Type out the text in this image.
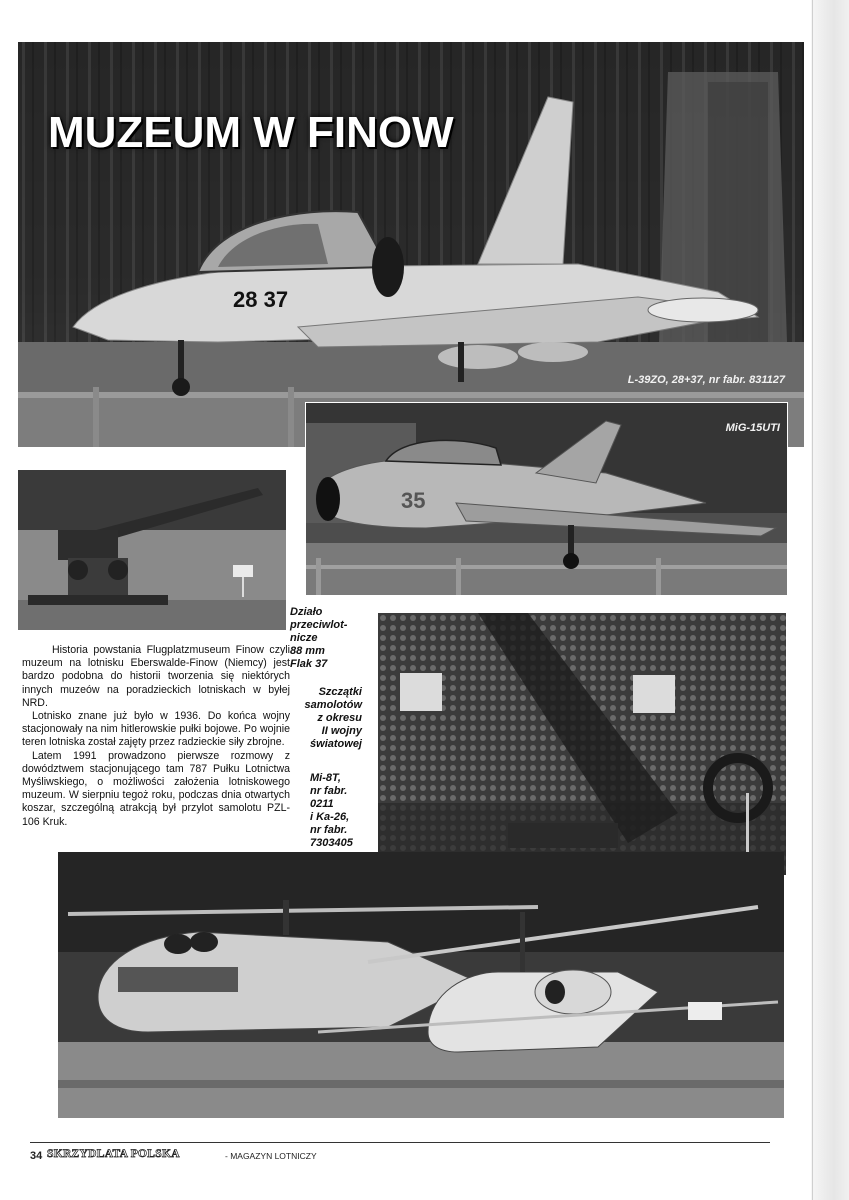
28 37
MUZEUM W FINOW
L-39ZO, 28+37, nr fabr. 831127
35
MiG-15UTI
Działo
przeciwlot-
nicze
88 mm
Flak 37
Szczątki
samolotów
z okresu
II wojny
światowej
Mi-8T,
nr fabr.
0211
i Ka-26,
nr fabr.
7303405

Historia powstania Flugplatzmuseum Finow czyli muzeum na lotnisku Eberswalde-Finow (Niemcy) jest bardzo podobna do historii tworzenia się niektórych innych muzeów na poradzieckich lotniskach w byłej NRD.

Lotnisko znane już było w 1936. Do końca wojny stacjonowały na nim hitlerowskie pułki bojowe. Po wojnie teren lotniska został zajęty przez radzieckie siły zbrojne.

Latem 1991 prowadzono pierwsze rozmowy z dowództwem stacjonującego tam 787 Pułku Lotnictwa Myśliwskiego, o możliwości założenia lotniskowego muzeum. W sierpniu tegoż roku, podczas dnia otwartych koszar, szczególną atrakcją był przylot samolotu PZL-106 Kruk.

34 SKRZYDLATA POLSKA	- MAGAZYN LOTNICZY
